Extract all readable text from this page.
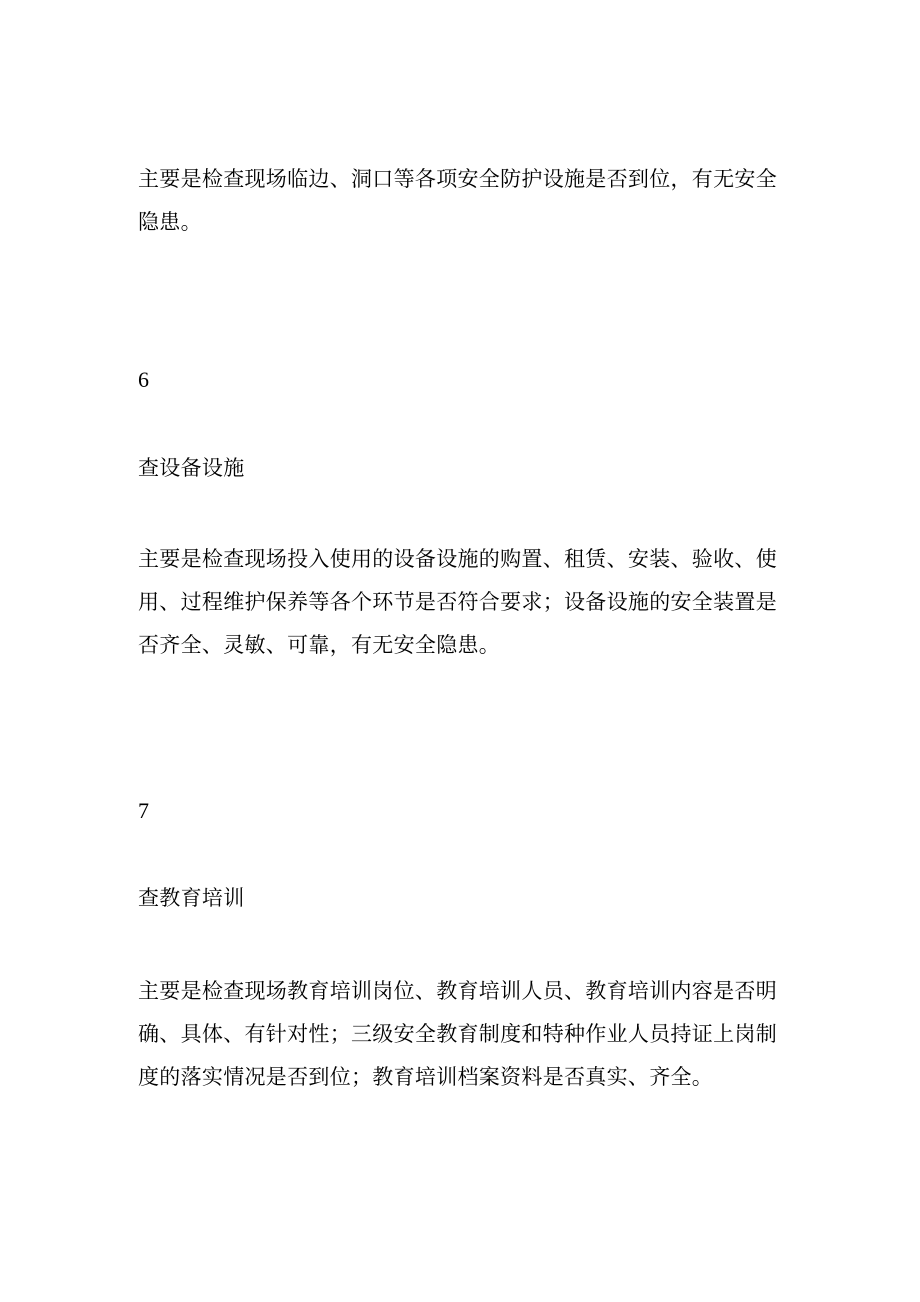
主要是检查现场临边、洞口等各项安全防护设施是否到位，有无安全隐患。

6

查设备设施

主要是检查现场投入使用的设备设施的购置、租赁、安装、验收、使用、过程维护保养等各个环节是否符合要求；设备设施的安全装置是否齐全、灵敏、可靠，有无安全隐患。

7

查教育培训

主要是检查现场教育培训岗位、教育培训人员、教育培训内容是否明确、具体、有针对性；三级安全教育制度和特种作业人员持证上岗制度的落实情况是否到位；教育培训档案资料是否真实、齐全。
